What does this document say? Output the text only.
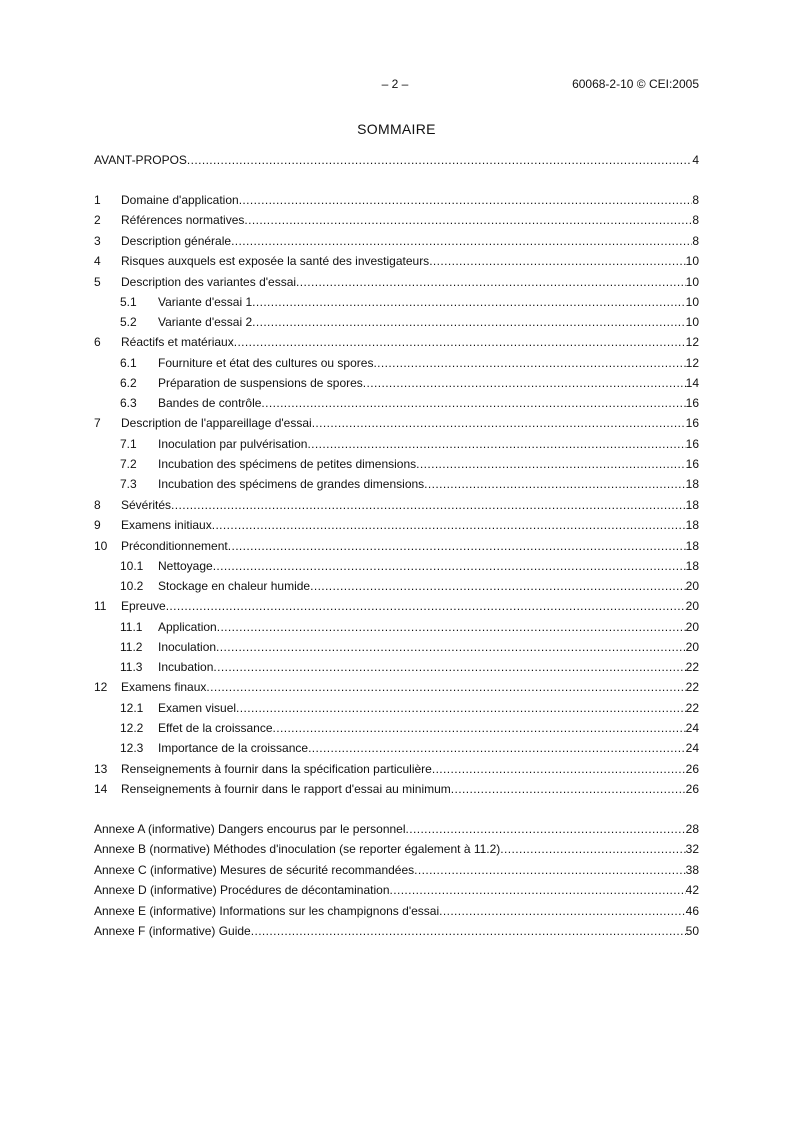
– 2 –	60068-2-10 © CEI:2005
SOMMAIRE
AVANT-PROPOS .....	4
1	Domaine d'application .....	8
2	Références normatives .....	8
3	Description générale .....	8
4	Risques auxquels est exposée la santé des investigateurs .....	10
5	Description des variantes d'essai .....	10
5.1	Variante d'essai 1 .....	10
5.2	Variante d'essai 2 .....	10
6	Réactifs et matériaux .....	12
6.1	Fourniture et état des cultures ou spores .....	12
6.2	Préparation de suspensions de spores .....	14
6.3	Bandes de contrôle .....	16
7	Description de l'appareillage d'essai .....	16
7.1	Inoculation par pulvérisation .....	16
7.2	Incubation des spécimens de petites dimensions .....	16
7.3	Incubation des spécimens de grandes dimensions .....	18
8	Sévérités .....	18
9	Examens initiaux .....	18
10	Préconditionnement .....	18
10.1	Nettoyage .....	18
10.2	Stockage en chaleur humide .....	20
11	Epreuve .....	20
11.1	Application .....	20
11.2	Inoculation .....	20
11.3	Incubation .....	22
12	Examens finaux .....	22
12.1	Examen visuel .....	22
12.2	Effet de la croissance .....	24
12.3	Importance de la croissance .....	24
13	Renseignements à fournir dans la spécification particulière .....	26
14	Renseignements à fournir dans le rapport d'essai au minimum .....	26
Annexe A (informative) Dangers encourus par le personnel .....	28
Annexe B (normative) Méthodes d'inoculation (se reporter également à 11.2) .....	32
Annexe C (informative) Mesures de sécurité recommandées .....	38
Annexe D (informative) Procédures de décontamination .....	42
Annexe E (informative) Informations sur les champignons d'essai .....	46
Annexe F (informative) Guide .....	50
